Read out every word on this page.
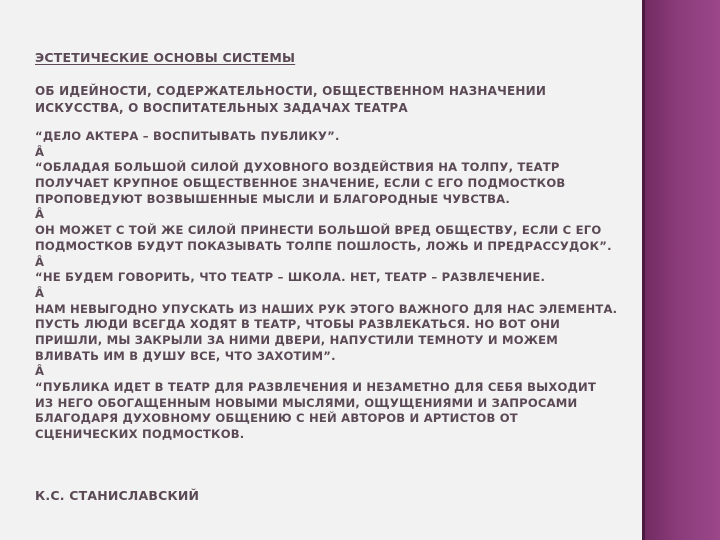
ЭСТЕТИЧЕСКИЕ ОСНОВЫ СИСТЕМЫ
ОБ ИДЕЙНОСТИ, СОДЕРЖАТЕЛЬНОСТИ, ОБЩЕСТВЕННОМ НАЗНАЧЕНИИ
ИСКУССТВА, О ВОСПИТАТЕЛЬНЫХ ЗАДАЧАХ ТЕАТРА
“ДЕЛО АКТЕРА – ВОСПИТЫВАТЬ ПУБЛИКУ”.
Â
“ОБЛАДАЯ БОЛЬШОЙ СИЛОЙ ДУХОВНОГО ВОЗДЕЙСТВИЯ НА ТОЛПУ, ТЕАТР
ПОЛУЧАЕТ КРУПНОЕ ОБЩЕСТВЕННОЕ ЗНАЧЕНИЕ, ЕСЛИ С ЕГО ПОДМОСТКОВ
ПРОПОВЕДУЮТ ВОЗВЫШЕННЫЕ МЫСЛИ И БЛАГОРОДНЫЕ ЧУВСТВА.
Â
ОН МОЖЕТ С ТОЙ ЖЕ СИЛОЙ ПРИНЕСТИ БОЛЬШОЙ ВРЕД ОБЩЕСТВУ, ЕСЛИ С ЕГО
ПОДМОСТКОВ БУДУТ ПОКАЗЫВАТЬ ТОЛПЕ ПОШЛОСТЬ, ЛОЖЬ И ПРЕДРАССУДОК”.
Â
“НЕ БУДЕМ ГОВОРИТЬ, ЧТО ТЕАТР – ШКОЛА. НЕТ, ТЕАТР – РАЗВЛЕЧЕНИЕ.
Â
НАМ НЕВЫГОДНО УПУСКАТЬ ИЗ НАШИХ РУК ЭТОГО ВАЖНОГО ДЛЯ НАС ЭЛЕМЕНТА.
ПУСТЬ ЛЮДИ ВСЕГДА ХОДЯТ В ТЕАТР, ЧТОБЫ РАЗВЛЕКАТЬСЯ. НО ВОТ ОНИ
ПРИШЛИ, МЫ ЗАКРЫЛИ ЗА НИМИ ДВЕРИ, НАПУСТИЛИ ТЕМНОТУ И МОЖЕМ
ВЛИВАТЬ ИМ В ДУШУ ВСЕ, ЧТО ЗАХОТИМ”.
Â
“ПУБЛИКА ИДЕТ В ТЕАТР ДЛЯ РАЗВЛЕЧЕНИЯ И НЕЗАМЕТНО ДЛЯ СЕБЯ ВЫХОДИТ
ИЗ НЕГО ОБОГАЩЕННЫМ НОВЫМИ МЫСЛЯМИ, ОЩУЩЕНИЯМИ И ЗАПРОСАМИ
БЛАГОДАРЯ ДУХОВНОМУ ОБЩЕНИЮ С НЕЙ АВТОРОВ И АРТИСТОВ ОТ
СЦЕНИЧЕСКИХ ПОДМОСТКОВ.
К.С. СТАНИСЛАВСКИЙ
